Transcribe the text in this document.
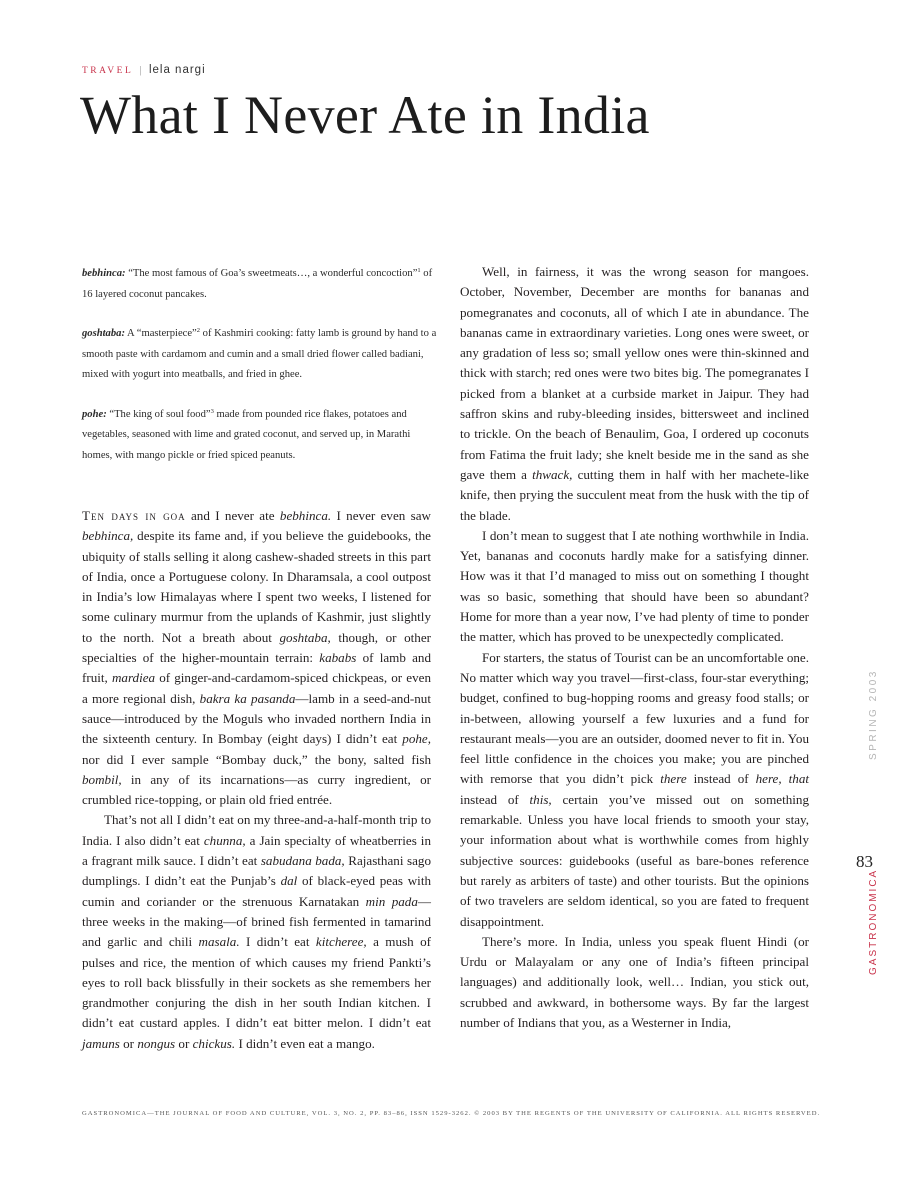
TRAVEL | lela nargi
What I Never Ate in India

bebhinca: “The most famous of Goa’s sweetmeats…, a wonderful concoction”$^1$ of 16 layered coconut pancakes.

goshtaba: A “masterpiece”$^2$ of Kashmiri cooking: fatty lamb is ground by hand to a smooth paste with cardamom and cumin and a small dried flower called badiani, mixed with yogurt into meatballs, and fried in ghee.

pohe: “The king of soul food”$^3$ made from pounded rice flakes, potatoes and vegetables, seasoned with lime and grated coconut, and served up, in Marathi homes, with mango pickle or fried spiced peanuts.

Ten days in goa and I never ate bebhinca. I never even saw bebhinca, despite its fame and, if you believe the guidebooks, the ubiquity of stalls selling it along cashew-shaded streets in this part of India, once a Portuguese colony. In Dharamsala, a cool outpost in India’s low Himalayas where I spent two weeks, I listened for some culinary murmur from the uplands of Kashmir, just slightly to the north. Not a breath about goshtaba, though, or other specialties of the higher-mountain terrain: kababs of lamb and fruit, mardiea of ginger-and-cardamom-spiced chickpeas, or even a more regional dish, bakra ka pasanda—lamb in a seed-and-nut sauce—introduced by the Moguls who invaded northern India in the sixteenth century. In Bombay (eight days) I didn’t eat pohe, nor did I ever sample “Bombay duck,” the bony, salted fish bombil, in any of its incarnations—as curry ingredient, or crumbled rice-topping, or plain old fried entrée.

That’s not all I didn’t eat on my three-and-a-half-month trip to India. I also didn’t eat chunna, a Jain specialty of wheatberries in a fragrant milk sauce. I didn’t eat sabudana bada, Rajasthani sago dumplings. I didn’t eat the Punjab’s dal of black-eyed peas with cumin and coriander or the strenuous Karnatakan min pada—three weeks in the making—of brined fish fermented in tamarind and garlic and chili masala. I didn’t eat kitcheree, a mush of pulses and rice, the mention of which causes my friend Pankti’s eyes to roll back blissfully in their sockets as she remembers her grandmother conjuring the dish in her south Indian kitchen. I didn’t eat custard apples. I didn’t eat bitter melon. I didn’t eat jamuns or nongus or chickus. I didn’t even eat a mango.

Well, in fairness, it was the wrong season for mangoes. October, November, December are months for bananas and pomegranates and coconuts, all of which I ate in abundance. The bananas came in extraordinary varieties. Long ones were sweet, or any gradation of less so; small yellow ones were thin-skinned and thick with starch; red ones were two bites big. The pomegranates I picked from a blanket at a curbside market in Jaipur. They had saffron skins and ruby-bleeding insides, bittersweet and inclined to trickle. On the beach of Benaulim, Goa, I ordered up coconuts from Fatima the fruit lady; she knelt beside me in the sand as she gave them a thwack, cutting them in half with her machete-like knife, then prying the succulent meat from the husk with the tip of the blade.

I don’t mean to suggest that I ate nothing worthwhile in India. Yet, bananas and coconuts hardly make for a satisfying dinner. How was it that I’d managed to miss out on something I thought was so basic, something that should have been so abundant? Home for more than a year now, I’ve had plenty of time to ponder the matter, which has proved to be unexpectedly complicated.

For starters, the status of Tourist can be an uncomfortable one. No matter which way you travel—first-class, four-star everything; budget, confined to bug-hopping rooms and greasy food stalls; or in-between, allowing yourself a few luxuries and a fund for restaurant meals—you are an outsider, doomed never to fit in. You feel little confidence in the choices you make; you are pinched with remorse that you didn’t pick there instead of here, that instead of this, certain you’ve missed out on something remarkable. Unless you have local friends to smooth your stay, your information about what is worthwhile comes from highly subjective sources: guidebooks (useful as bare-bones reference but rarely as arbiters of taste) and other tourists. But the opinions of two travelers are seldom identical, so you are fated to frequent disappointment.

There’s more. In India, unless you speak fluent Hindi (or Urdu or Malayalam or any one of India’s fifteen principal languages) and additionally look, well… Indian, you stick out, scrubbed and awkward, in bothersome ways. By far the largest number of Indians that you, as a Westerner in India,

SPRING 2003
83
GASTRONOMICA
GASTRONOMICA—THE JOURNAL OF FOOD AND CULTURE, VOL. 3, NO. 2, PP. 83–86, ISSN 1529-3262. © 2003 BY THE REGENTS OF THE UNIVERSITY OF CALIFORNIA. ALL RIGHTS RESERVED.
